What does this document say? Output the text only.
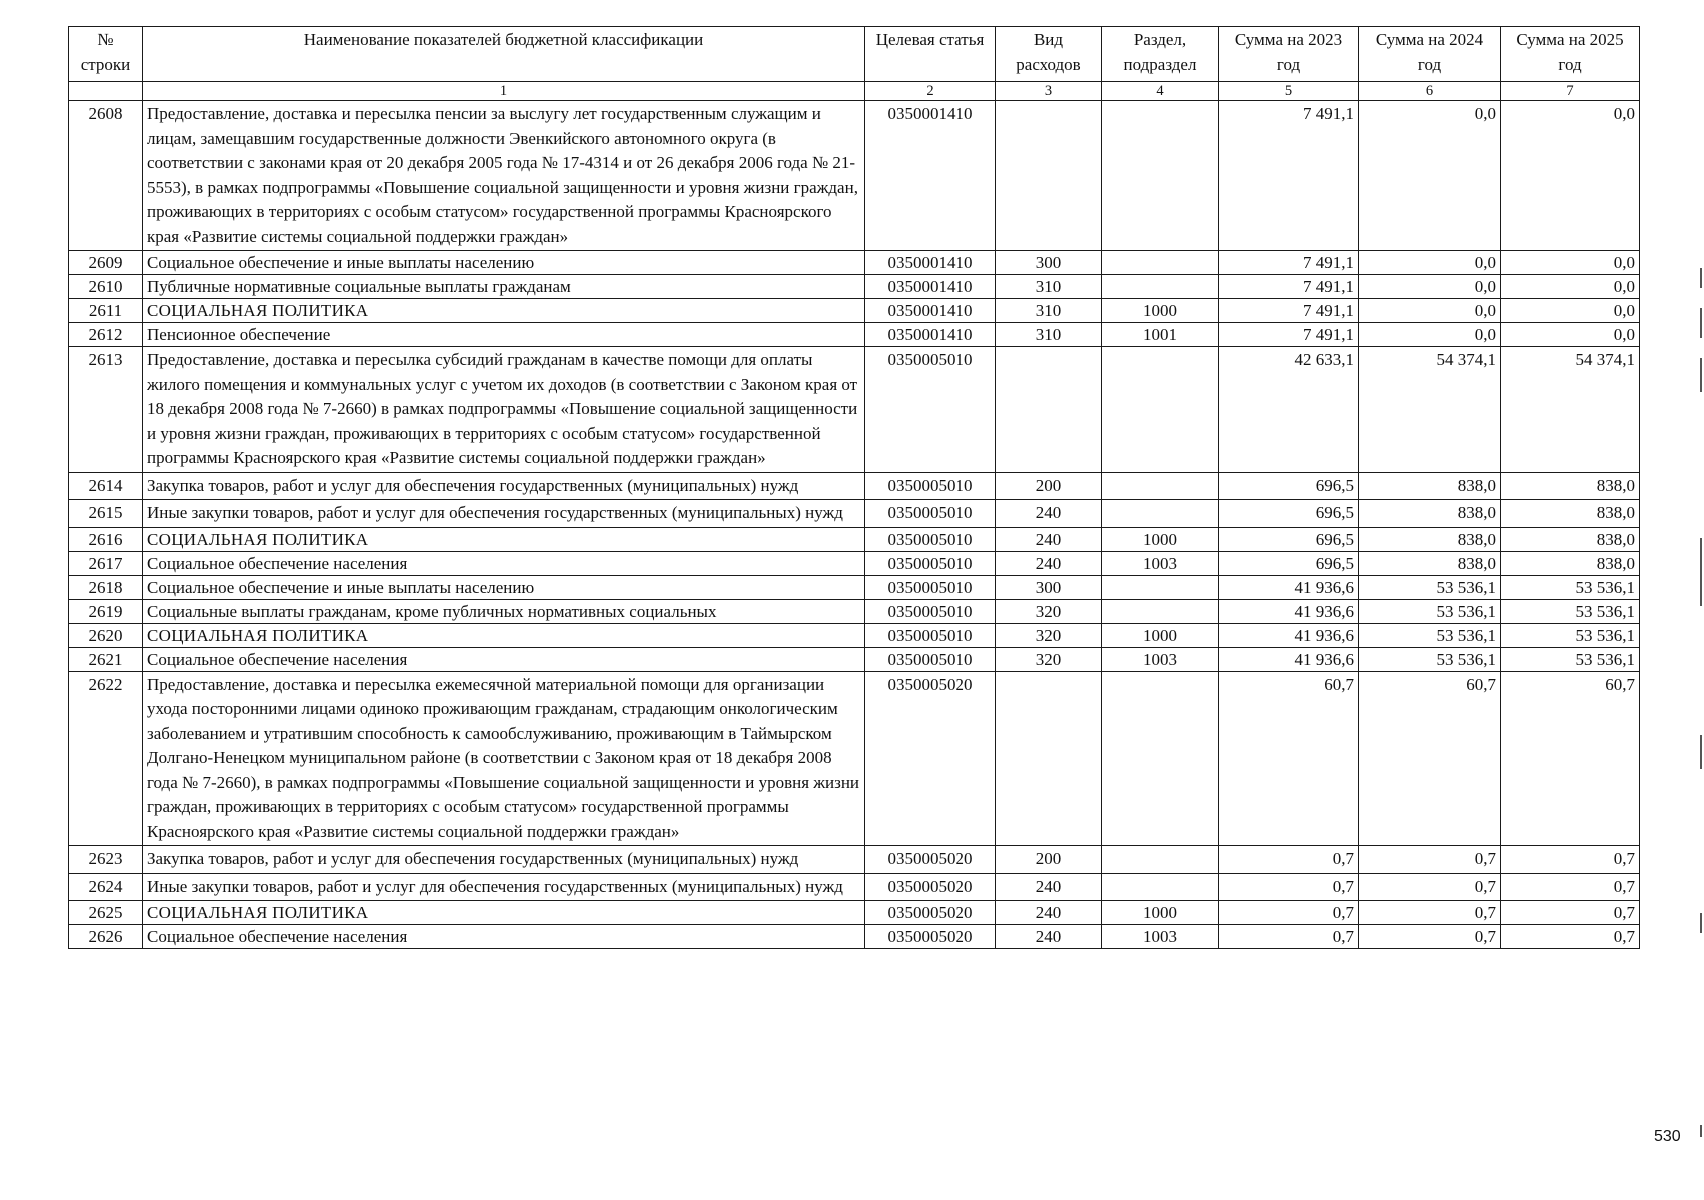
№ строки	Наименование показателей бюджетной классификации	Целевая статья	Вид расходов	Раздел, подраздел	Сумма на 2023 год	Сумма на 2024 год	Сумма на 2025 год
	1	2	3	4	5	6	7
2608	Предоставление, доставка и пересылка пенсии за выслугу лет государственным служащим и лицам, замещавшим государственные должности Эвенкийского автономного округа (в соответствии с законами края от 20 декабря 2005 года № 17-4314 и от 26 декабря 2006 года № 21-5553), в рамках подпрограммы «Повышение социальной защищенности и уровня жизни граждан, проживающих в территориях с особым статусом» государственной программы Красноярского края «Развитие системы социальной поддержки граждан»	0350001410			7 491,1	0,0	0,0
2609	Социальное обеспечение и иные выплаты населению	0350001410	300		7 491,1	0,0	0,0
2610	Публичные нормативные социальные выплаты гражданам	0350001410	310		7 491,1	0,0	0,0
2611	СОЦИАЛЬНАЯ ПОЛИТИКА	0350001410	310	1000	7 491,1	0,0	0,0
2612	Пенсионное обеспечение	0350001410	310	1001	7 491,1	0,0	0,0
2613	Предоставление, доставка и пересылка субсидий гражданам в качестве помощи для оплаты жилого помещения и коммунальных услуг с учетом их доходов (в соответствии с Законом края от 18 декабря 2008 года № 7-2660) в рамках подпрограммы «Повышение социальной защищенности и уровня жизни граждан, проживающих в территориях с особым статусом» государственной программы Красноярского края «Развитие системы социальной поддержки граждан»	0350005010			42 633,1	54 374,1	54 374,1
2614	Закупка товаров, работ и услуг для обеспечения государственных (муниципальных) нужд	0350005010	200		696,5	838,0	838,0
2615	Иные закупки товаров, работ и услуг для обеспечения государственных (муниципальных) нужд	0350005010	240		696,5	838,0	838,0
2616	СОЦИАЛЬНАЯ ПОЛИТИКА	0350005010	240	1000	696,5	838,0	838,0
2617	Социальное обеспечение населения	0350005010	240	1003	696,5	838,0	838,0
2618	Социальное обеспечение и иные выплаты населению	0350005010	300		41 936,6	53 536,1	53 536,1
2619	Социальные выплаты гражданам, кроме публичных нормативных социальных	0350005010	320		41 936,6	53 536,1	53 536,1
2620	СОЦИАЛЬНАЯ ПОЛИТИКА	0350005010	320	1000	41 936,6	53 536,1	53 536,1
2621	Социальное обеспечение населения	0350005010	320	1003	41 936,6	53 536,1	53 536,1
2622	Предоставление, доставка и пересылка ежемесячной материальной помощи для организации ухода посторонними лицами одиноко проживающим гражданам, страдающим онкологическим заболеванием и утратившим способность к самообслуживанию, проживающим в Таймырском Долгано-Ненецком муниципальном районе (в соответствии с Законом края от 18 декабря 2008 года № 7-2660), в рамках подпрограммы «Повышение социальной защищенности и уровня жизни граждан, проживающих в территориях с особым статусом» государственной программы Красноярского края «Развитие системы социальной поддержки граждан»	0350005020			60,7	60,7	60,7
2623	Закупка товаров, работ и услуг для обеспечения государственных (муниципальных) нужд	0350005020	200		0,7	0,7	0,7
2624	Иные закупки товаров, работ и услуг для обеспечения государственных (муниципальных) нужд	0350005020	240		0,7	0,7	0,7
2625	СОЦИАЛЬНАЯ ПОЛИТИКА	0350005020	240	1000	0,7	0,7	0,7
2626	Социальное обеспечение населения	0350005020	240	1003	0,7	0,7	0,7
530
